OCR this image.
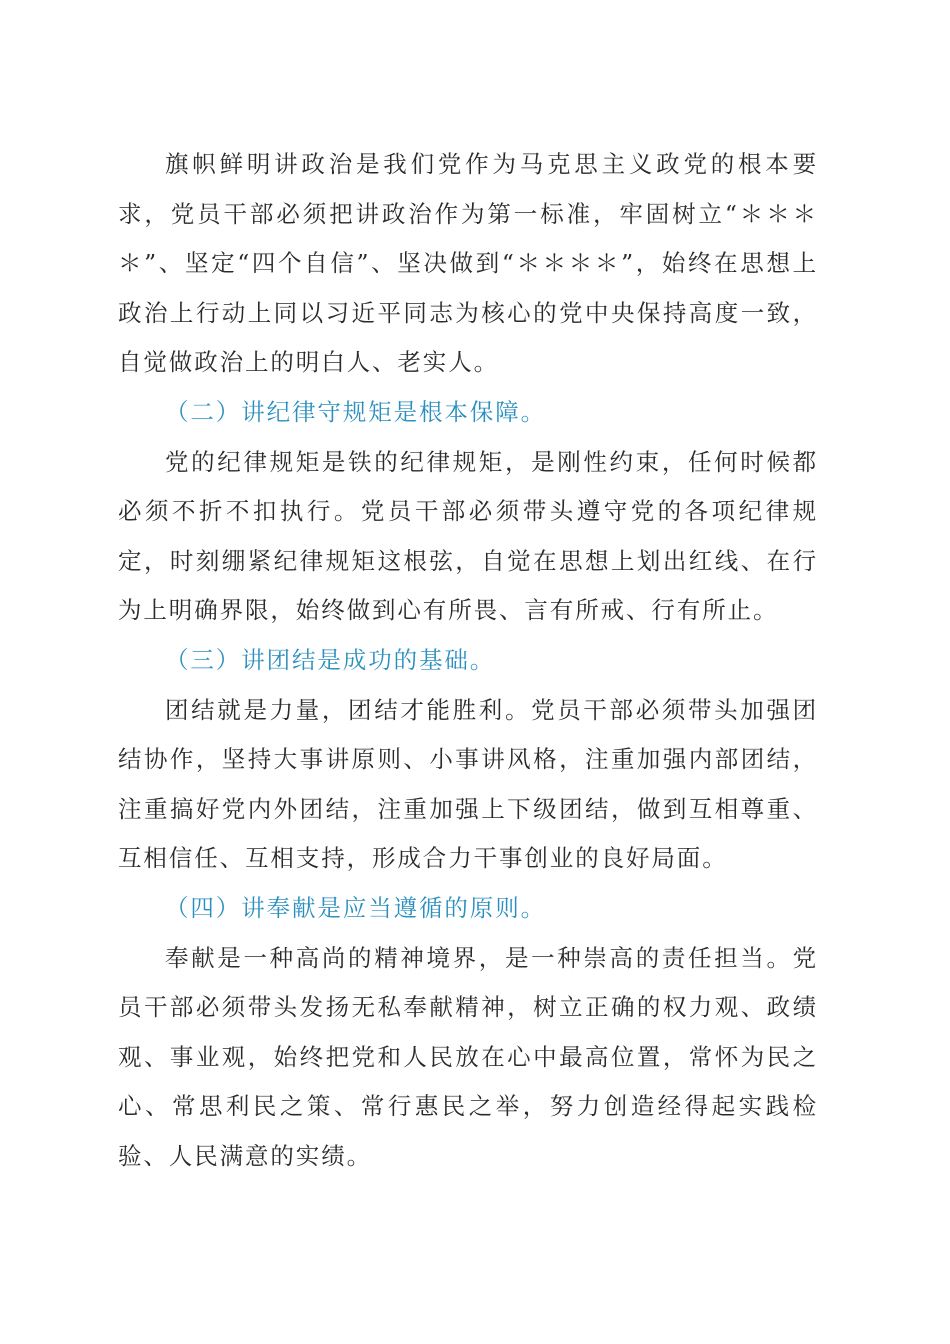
旗帜鲜明讲政治是我们党作为马克思主义政党的根本要求，党员干部必须把讲政治作为第一标准，牢固树立“＊＊＊＊”、坚定“四个自信”、坚决做到“＊＊＊＊”，始终在思想上政治上行动上同以习近平同志为核心的党中央保持高度一致，自觉做政治上的明白人、老实人。

（二）讲纪律守规矩是根本保障。

党的纪律规矩是铁的纪律规矩，是刚性约束，任何时候都必须不折不扣执行。党员干部必须带头遵守党的各项纪律规定，时刻绷紧纪律规矩这根弦，自觉在思想上划出红线、在行为上明确界限，始终做到心有所畏、言有所戒、行有所止。

（三）讲团结是成功的基础。

团结就是力量，团结才能胜利。党员干部必须带头加强团结协作，坚持大事讲原则、小事讲风格，注重加强内部团结，注重搞好党内外团结，注重加强上下级团结，做到互相尊重、互相信任、互相支持，形成合力干事创业的良好局面。

（四）讲奉献是应当遵循的原则。

奉献是一种高尚的精神境界，是一种崇高的责任担当。党员干部必须带头发扬无私奉献精神，树立正确的权力观、政绩观、事业观，始终把党和人民放在心中最高位置，常怀为民之心、常思利民之策、常行惠民之举，努力创造经得起实践检验、人民满意的实绩。
